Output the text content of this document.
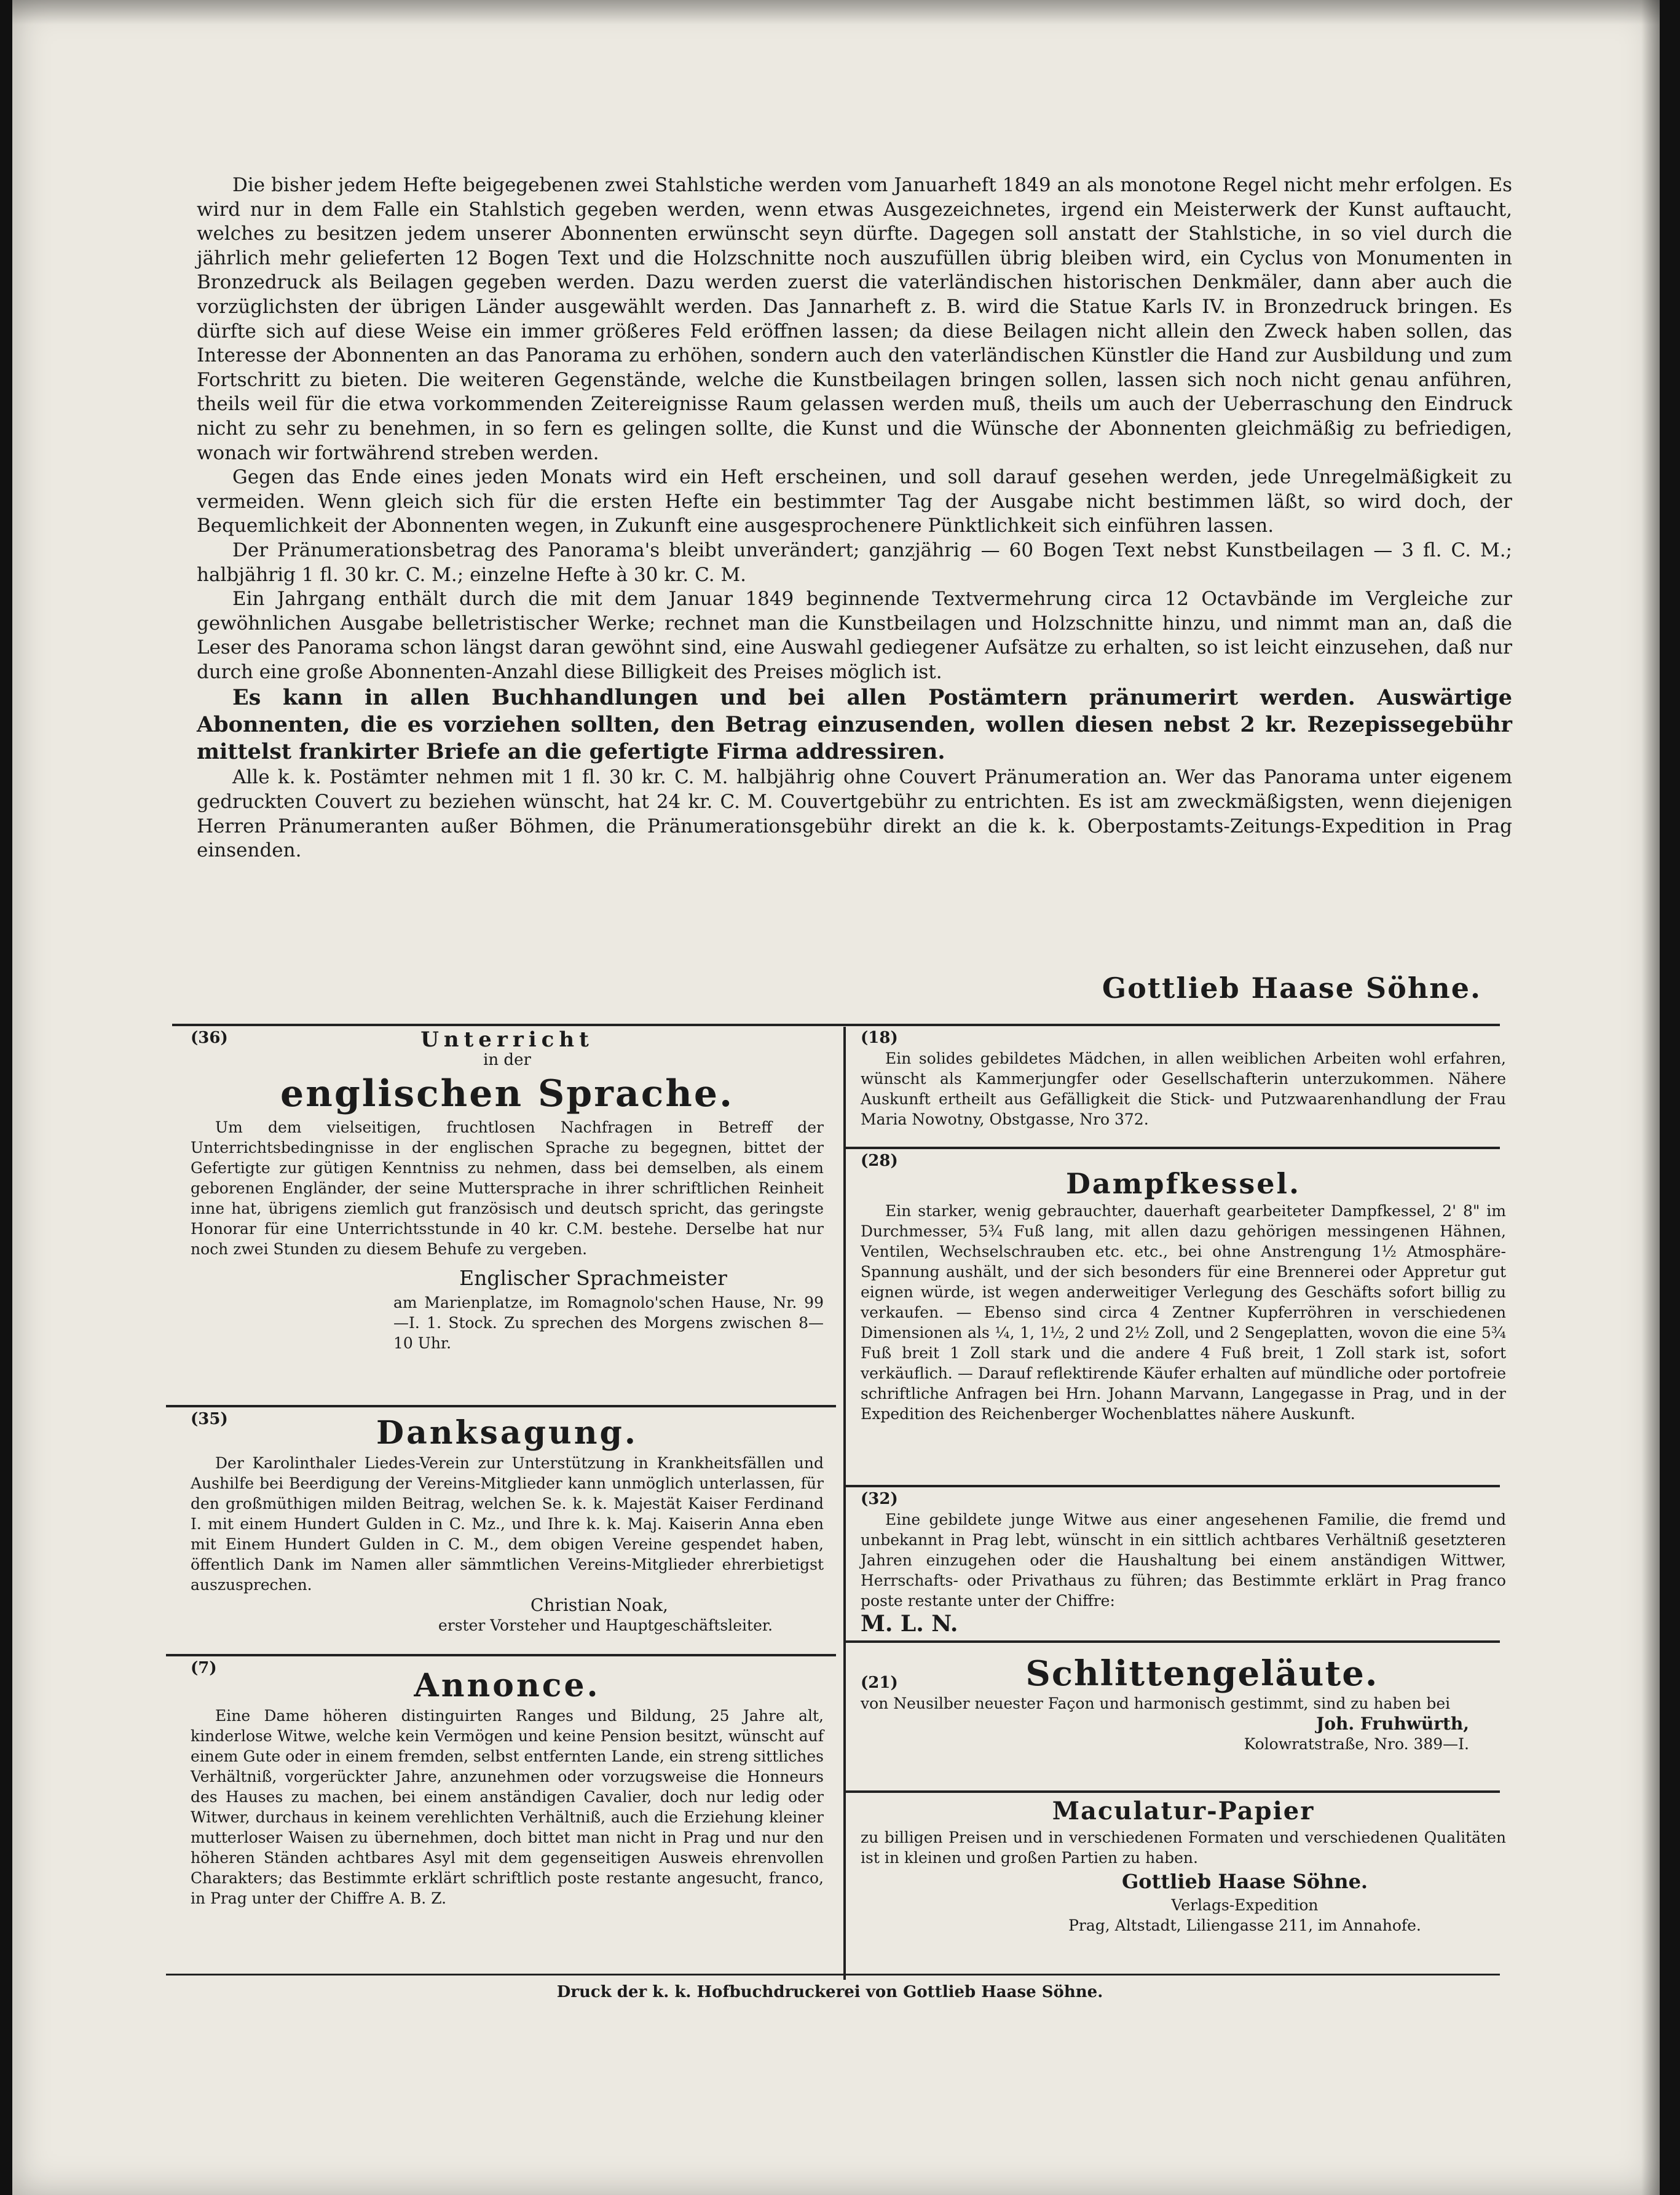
Die bisher jedem Hefte beigegebenen zwei Stahlstiche werden vom Januarheft 1849 an als monotone Regel nicht mehr erfolgen. Es wird nur in dem Falle ein Stahlstich gegeben werden, wenn etwas Ausgezeichnetes, irgend ein Meisterwerk der Kunst auftaucht, welches zu besitzen jedem unserer Abonnenten erwünscht seyn dürfte. Dagegen soll anstatt der Stahlstiche, in so viel durch die jährlich mehr gelieferten 12 Bogen Text und die Holzschnitte noch auszufüllen übrig bleiben wird, ein Cyclus von Monumenten in Bronzedruck als Beilagen gegeben werden. Dazu werden zuerst die vaterländischen historischen Denkmäler, dann aber auch die vorzüglichsten der übrigen Länder ausgewählt werden. Das Jannarheft z. B. wird die Statue Karls IV. in Bronzedruck bringen. Es dürfte sich auf diese Weise ein immer größeres Feld eröffnen lassen; da diese Beilagen nicht allein den Zweck haben sollen, das Interesse der Abonnenten an das Panorama zu erhöhen, sondern auch den vaterländischen Künstler die Hand zur Ausbildung und zum Fortschritt zu bieten. Die weiteren Gegenstände, welche die Kunstbeilagen bringen sollen, lassen sich noch nicht genau anführen, theils weil für die etwa vorkommenden Zeitereignisse Raum gelassen werden muß, theils um auch der Ueberraschung den Eindruck nicht zu sehr zu benehmen, in so fern es gelingen sollte, die Kunst und die Wünsche der Abonnenten gleichmäßig zu befriedigen, wonach wir fortwährend streben werden.

Gegen das Ende eines jeden Monats wird ein Heft erscheinen, und soll darauf gesehen werden, jede Unregelmäßigkeit zu vermeiden. Wenn gleich sich für die ersten Hefte ein bestimmter Tag der Ausgabe nicht bestimmen läßt, so wird doch, der Bequemlichkeit der Abonnenten wegen, in Zukunft eine ausgesprochenere Pünktlichkeit sich einführen lassen.

Der Pränumerationsbetrag des Panorama's bleibt unverändert; ganzjährig — 60 Bogen Text nebst Kunstbeilagen — 3 fl. C. M.; halbjährig 1 fl. 30 kr. C. M.; einzelne Hefte à 30 kr. C. M.

Ein Jahrgang enthält durch die mit dem Januar 1849 beginnende Textvermehrung circa 12 Octavbände im Vergleiche zur gewöhnlichen Ausgabe belletristischer Werke; rechnet man die Kunstbeilagen und Holzschnitte hinzu, und nimmt man an, daß die Leser des Panorama schon längst daran gewöhnt sind, eine Auswahl gediegener Aufsätze zu erhalten, so ist leicht einzusehen, daß nur durch eine große Abonnenten-Anzahl diese Billigkeit des Preises möglich ist.

Es kann in allen Buchhandlungen und bei allen Postämtern pränumerirt werden. Auswärtige Abonnenten, die es vorziehen sollten, den Betrag einzusenden, wollen diesen nebst 2 kr. Rezepissegebühr mittelst frankirter Briefe an die gefertigte Firma addressiren.

Alle k. k. Postämter nehmen mit 1 fl. 30 kr. C. M. halbjährig ohne Couvert Pränumeration an. Wer das Panorama unter eigenem gedruckten Couvert zu beziehen wünscht, hat 24 kr. C. M. Couvertgebühr zu entrichten. Es ist am zweckmäßigsten, wenn diejenigen Herren Pränumeranten außer Böhmen, die Pränumerationsgebühr direkt an die k. k. Oberpostamts-Zeitungs-Expedition in Prag einsenden.

Gottlieb Haase Söhne.
(36)	Unterricht
in der
englischen Sprache.

Um dem vielseitigen, fruchtlosen Nachfragen in Betreff der Unterrichtsbedingnisse in der englischen Sprache zu begegnen, bittet der Gefertigte zur gütigen Kenntniss zu nehmen, dass bei demselben, als einem geborenen Engländer, der seine Muttersprache in ihrer schriftlichen Reinheit inne hat, übrigens ziemlich gut französisch und deutsch spricht, das geringste Honorar für eine Unterrichtsstunde in 40 kr. C.M. bestehe. Derselbe hat nur noch zwei Stunden zu diesem Behufe zu vergeben.

Englischer Sprachmeister

am Marienplatze, im Romagnolo'schen Hause, Nr. 99—I. 1. Stock. Zu sprechen des Morgens zwischen 8—10 Uhr.

(35)	Danksagung.

Der Karolinthaler Liedes-Verein zur Unterstützung in Krankheitsfällen und Aushilfe bei Beerdigung der Vereins-Mitglieder kann unmöglich unterlassen, für den großmüthigen milden Beitrag, welchen Se. k. k. Majestät Kaiser Ferdinand I. mit einem Hundert Gulden in C. Mz., und Ihre k. k. Maj. Kaiserin Anna eben mit Einem Hundert Gulden in C. M., dem obigen Vereine gespendet haben, öffentlich Dank im Namen aller sämmtlichen Vereins-Mitglieder ehrerbietigst auszusprechen.

Christian Noak,
erster Vorsteher und Hauptgeschäftsleiter.
(7)	Annonce.

Eine Dame höheren distinguirten Ranges und Bildung, 25 Jahre alt, kinderlose Witwe, welche kein Vermögen und keine Pension besitzt, wünscht auf einem Gute oder in einem fremden, selbst entfernten Lande, ein streng sittliches Verhältniß, vorgerückter Jahre, anzunehmen oder vorzugsweise die Honneurs des Hauses zu machen, bei einem anständigen Cavalier, doch nur ledig oder Witwer, durchaus in keinem verehlichten Verhältniß, auch die Erziehung kleiner mutterloser Waisen zu übernehmen, doch bittet man nicht in Prag und nur den höheren Ständen achtbares Asyl mit dem gegenseitigen Ausweis ehrenvollen Charakters; das Bestimmte erklärt schriftlich poste restante angesucht, franco, in Prag unter der Chiffre A. B. Z.

(18)

Ein solides gebildetes Mädchen, in allen weiblichen Arbeiten wohl erfahren, wünscht als Kammerjungfer oder Gesellschafterin unterzukommen. Nähere Auskunft ertheilt aus Gefälligkeit die Stick- und Putzwaarenhandlung der Frau Maria Nowotny, Obstgasse, Nro 372.

(28)
Dampfkessel.

Ein starker, wenig gebrauchter, dauerhaft gearbeiteter Dampfkessel, 2' 8" im Durchmesser, 5¾ Fuß lang, mit allen dazu gehörigen messingenen Hähnen, Ventilen, Wechselschrauben etc. etc., bei ohne Anstrengung 1½ Atmosphäre-Spannung aushält, und der sich besonders für eine Brennerei oder Appretur gut eignen würde, ist wegen anderweitiger Verlegung des Geschäfts sofort billig zu verkaufen. — Ebenso sind circa 4 Zentner Kupferröhren in verschiedenen Dimensionen als ¼, 1, 1½, 2 und 2½ Zoll, und 2 Sengeplatten, wovon die eine 5¾ Fuß breit 1 Zoll stark und die andere 4 Fuß breit, 1 Zoll stark ist, sofort verkäuflich. — Darauf reflektirende Käufer erhalten auf mündliche oder portofreie schriftliche Anfragen bei Hrn. Johann Marvann, Langegasse in Prag, und in der Expedition des Reichenberger Wochenblattes nähere Auskunft.

(32)

Eine gebildete junge Witwe aus einer angesehenen Familie, die fremd und unbekannt in Prag lebt, wünscht in ein sittlich achtbares Verhältniß gesetzteren Jahren einzugehen oder die Haushaltung bei einem anständigen Wittwer, Herrschafts- oder Privathaus zu führen; das Bestimmte erklärt in Prag franco poste restante unter der Chiffre:

M. L. N.
(21)	Schlittengeläute.

von Neusilber neuester Façon und harmonisch gestimmt, sind zu haben bei

Joh. Fruhwürth,
Kolowratstraße, Nro. 389—I.
Maculatur-Papier

zu billigen Preisen und in verschiedenen Formaten und verschiedenen Qualitäten ist in kleinen und großen Partien zu haben.

Gottlieb Haase Söhne.
Verlags-Expedition
Prag, Altstadt, Liliengasse 211, im Annahofe.
Druck der k. k. Hofbuchdruckerei von Gottlieb Haase Söhne.
